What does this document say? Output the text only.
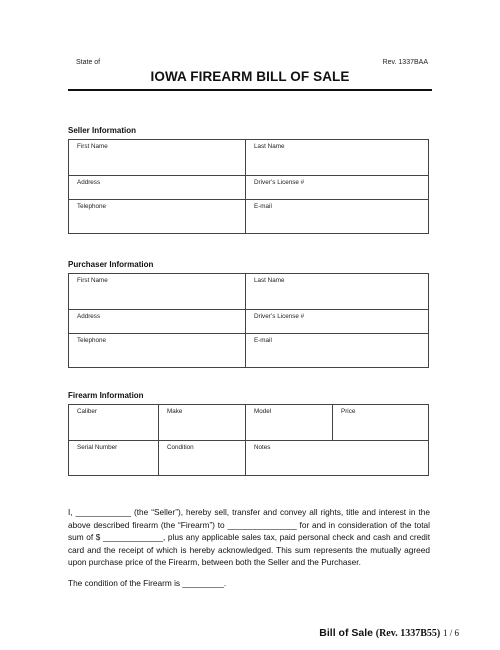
State of	Rev. 1337BAA
IOWA FIREARM BILL OF SALE
Seller Information
First Name	Last Name
Address	Driver’s License #
Telephone	E-mail
Purchaser Information
First Name	Last Name
Address	Driver’s License #
Telephone	E-mail
Firearm Information
Caliber	Make	Model	Price
Serial Number	Condition	Notes	
I, ____________ (the “Seller”), hereby sell, transfer and convey all rights, title and interest in the above described firearm (the “Firearm”) to _______________ for and in consideration of the total sum of $ _____________, plus any applicable sales tax, paid personal check and cash and credit card and the receipt of which is hereby acknowledged. This sum represents the mutually agreed upon purchase price of the Firearm, between both the Seller and the Purchaser.
The condition of the Firearm is _________.
Bill of Sale (Rev. 1337B55) 1 / 6
